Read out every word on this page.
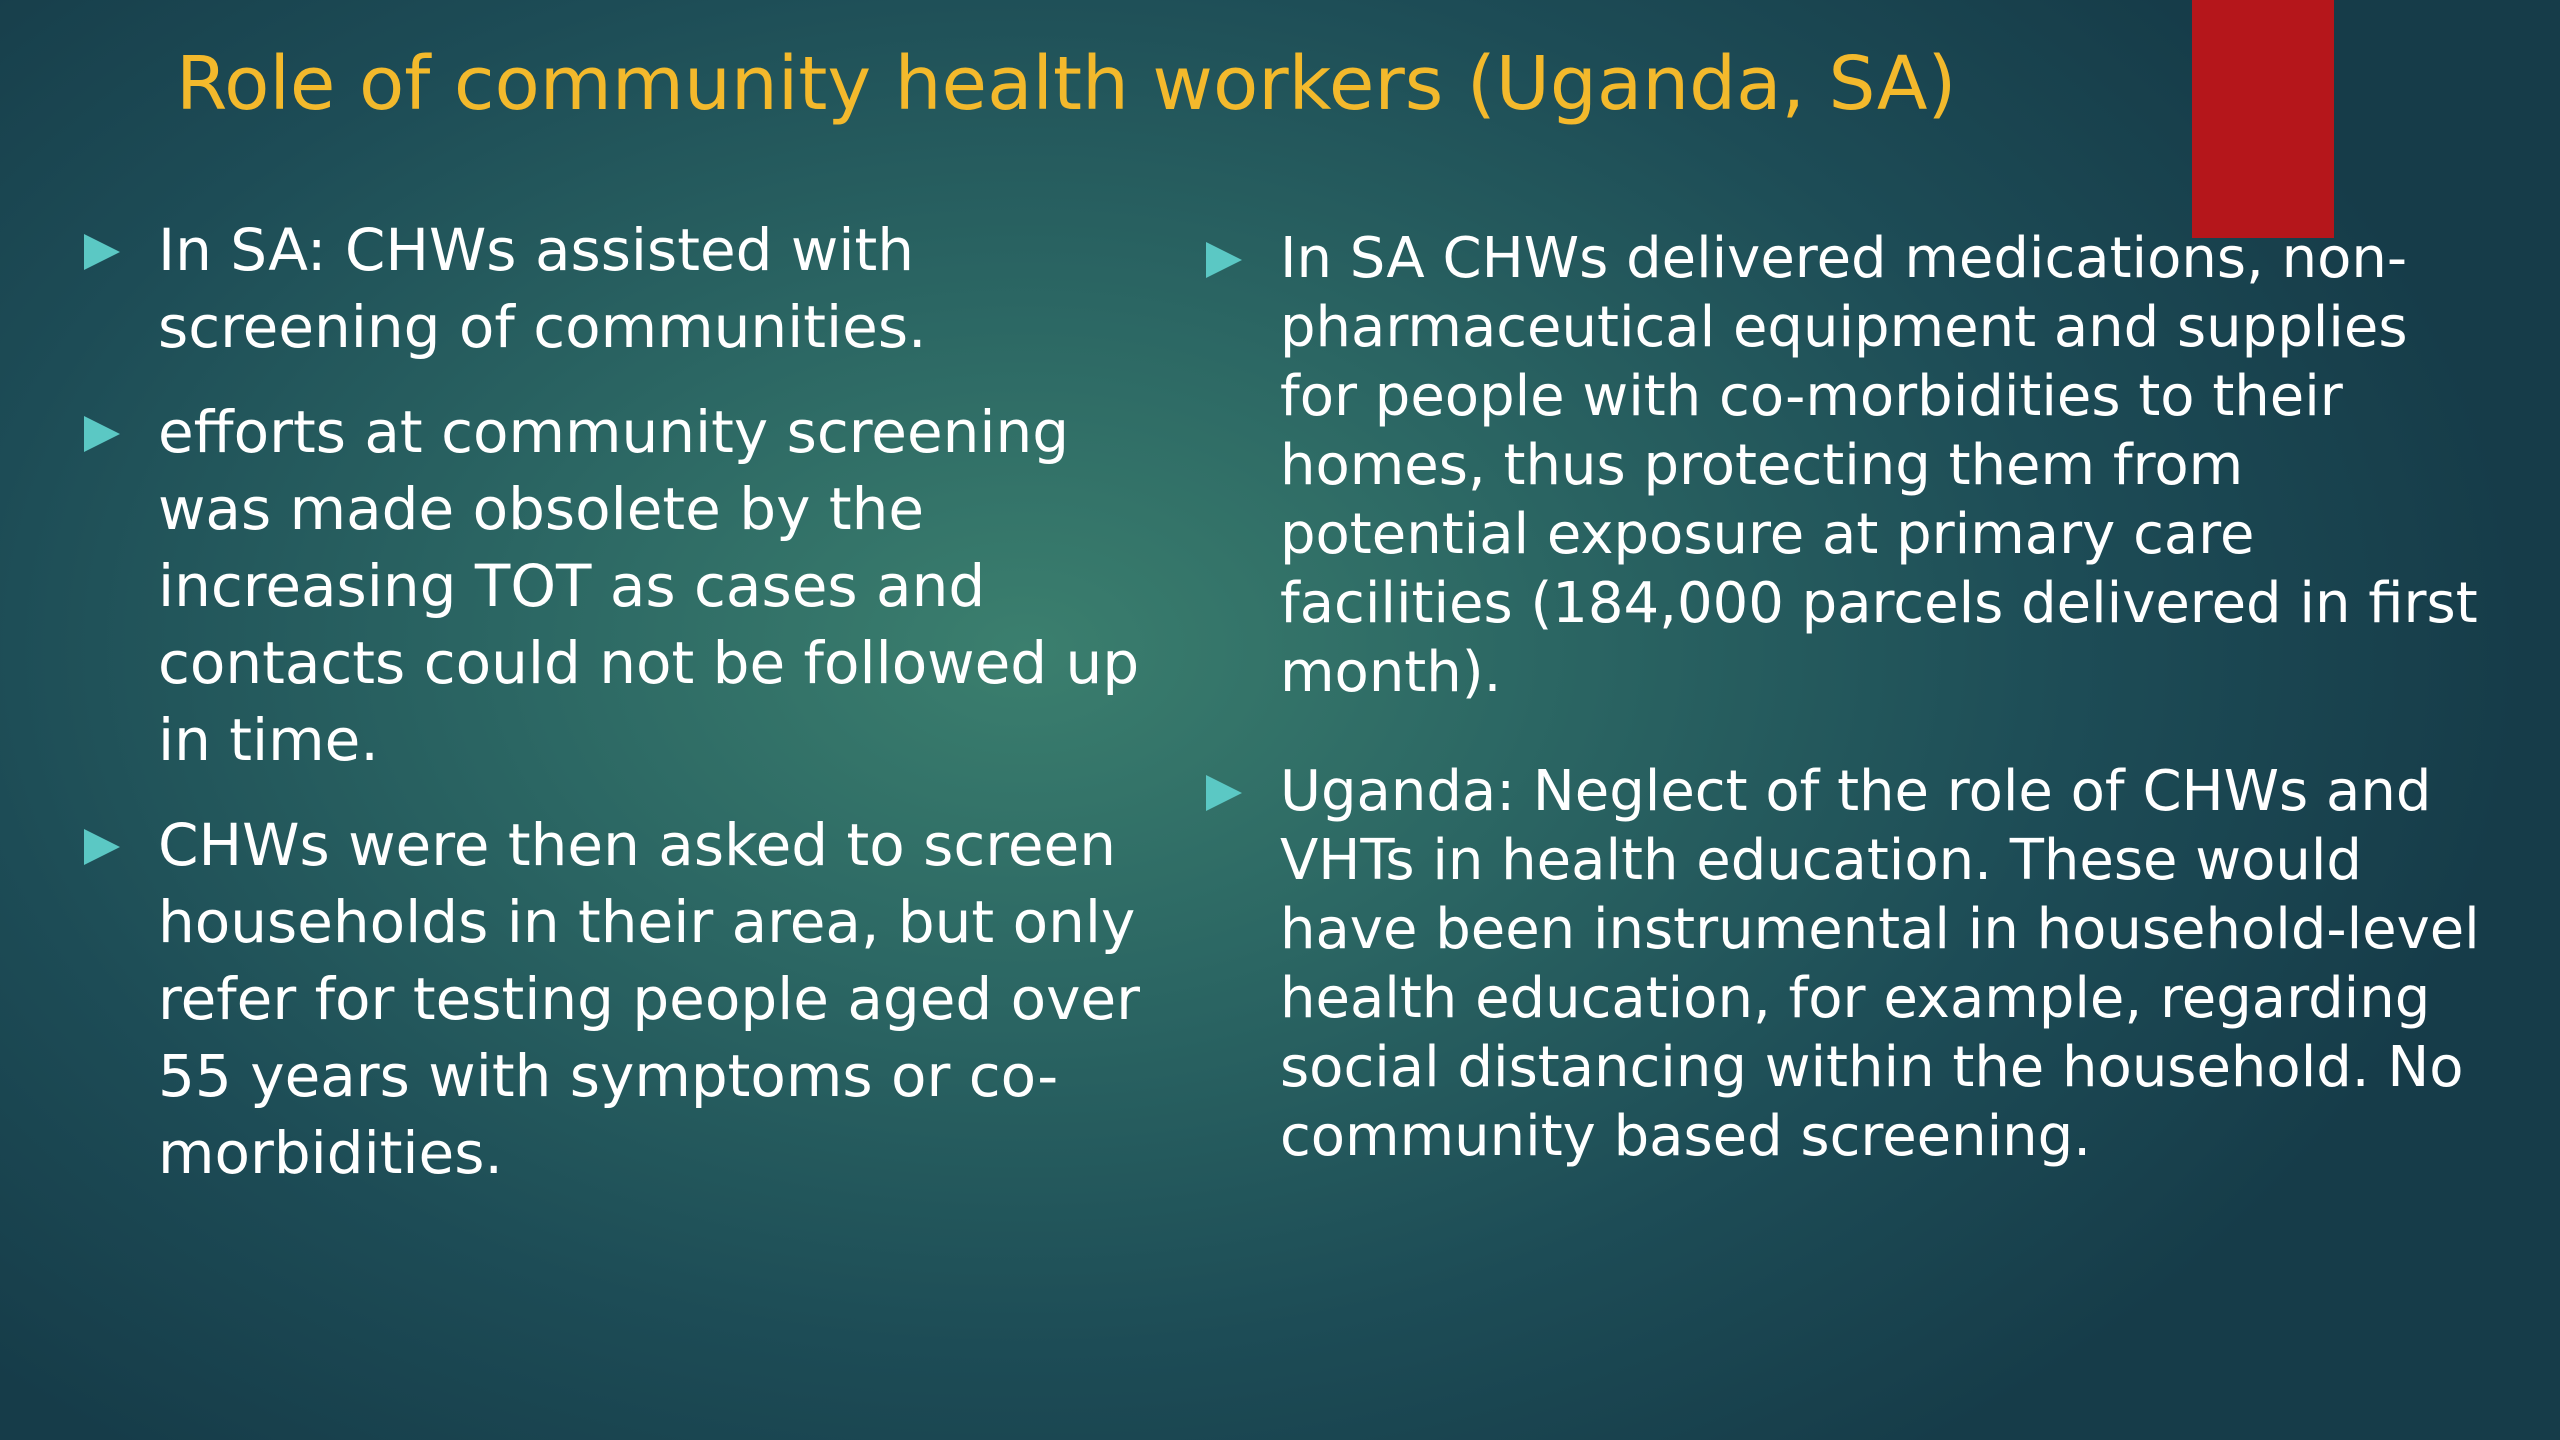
Role of community health workers (Uganda, SA)
In SA: CHWs assisted with screening of communities.
efforts at community screening was made obsolete by the increasing TOT as cases and contacts could not be followed up in time.
CHWs were then asked to screen households in their area, but only refer for testing people aged over 55 years with symptoms or co-morbidities.
In SA CHWs delivered medications, non-pharmaceutical equipment and supplies for people with co-morbidities to their homes, thus protecting them from potential exposure at primary care facilities (184,000 parcels delivered in first month).
Uganda: Neglect of the role of CHWs and VHTs in health education. These would have been instrumental in household-level health education, for example, regarding social distancing within the household. No community based screening.
